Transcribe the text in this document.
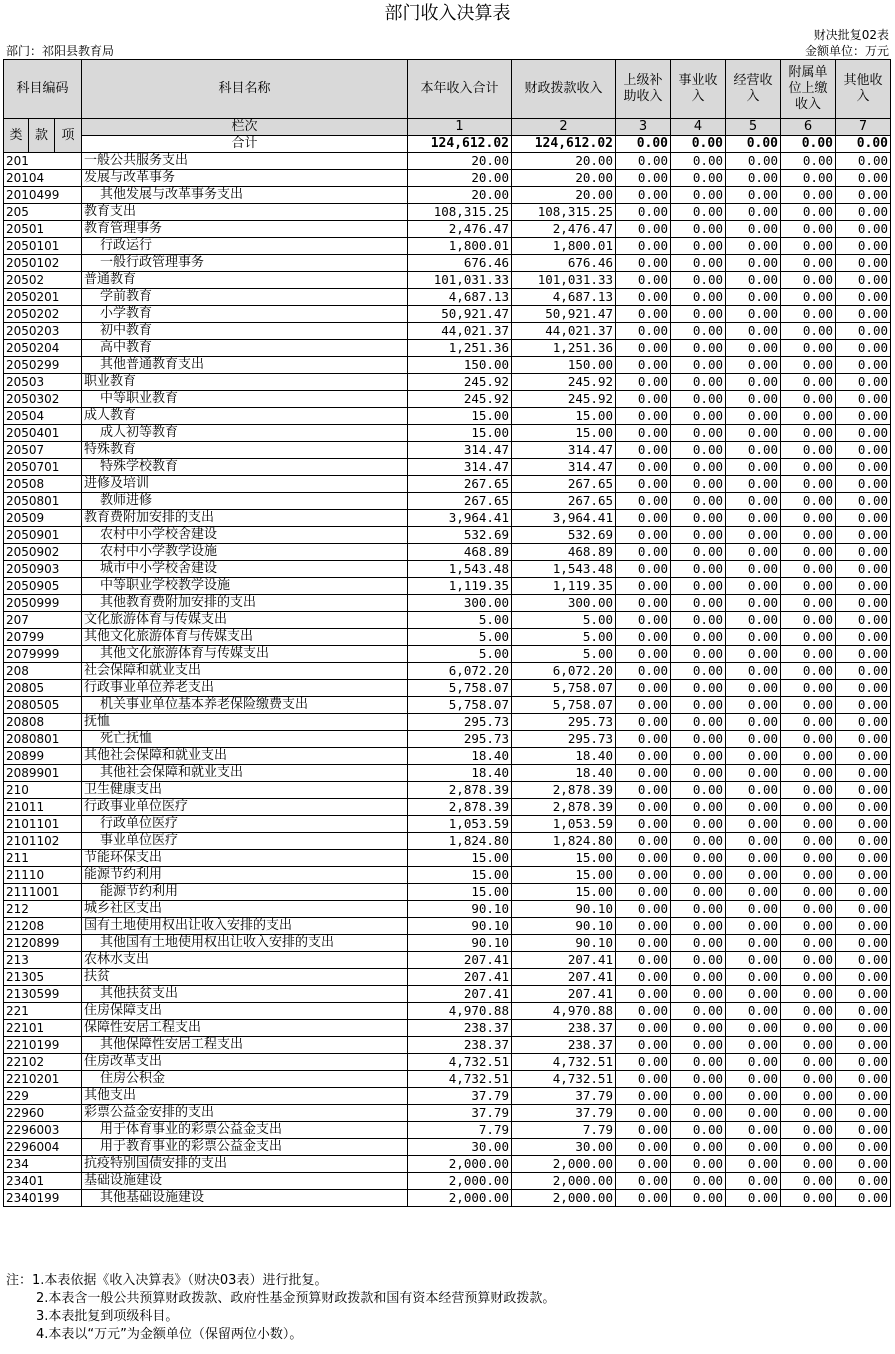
部门收入决算表
财决批复02表
部门：祁阳县教育局	金额单位：万元
科目编码			科目名称	本年收入合计	财政拨款收入	上级补助收入	事业收入	经营收入	附属单位上缴收入	其他收入

类	款	项	栏次	1	2	3	4	5	6	7
			合计	124,612.02	124,612.02	0.00	0.00	0.00	0.00	0.00
201			一般公共服务支出	20.00	20.00	0.00	0.00	0.00	0.00	0.00
20104			发展与改革事务	20.00	20.00	0.00	0.00	0.00	0.00	0.00
2010499			其他发展与改革事务支出	20.00	20.00	0.00	0.00	0.00	0.00	0.00
205			教育支出	108,315.25	108,315.25	0.00	0.00	0.00	0.00	0.00
20501			教育管理事务	2,476.47	2,476.47	0.00	0.00	0.00	0.00	0.00
2050101			行政运行	1,800.01	1,800.01	0.00	0.00	0.00	0.00	0.00
2050102			一般行政管理事务	676.46	676.46	0.00	0.00	0.00	0.00	0.00
20502			普通教育	101,031.33	101,031.33	0.00	0.00	0.00	0.00	0.00
2050201			学前教育	4,687.13	4,687.13	0.00	0.00	0.00	0.00	0.00
2050202			小学教育	50,921.47	50,921.47	0.00	0.00	0.00	0.00	0.00
2050203			初中教育	44,021.37	44,021.37	0.00	0.00	0.00	0.00	0.00
2050204			高中教育	1,251.36	1,251.36	0.00	0.00	0.00	0.00	0.00
2050299			其他普通教育支出	150.00	150.00	0.00	0.00	0.00	0.00	0.00
20503			职业教育	245.92	245.92	0.00	0.00	0.00	0.00	0.00
2050302			中等职业教育	245.92	245.92	0.00	0.00	0.00	0.00	0.00
20504			成人教育	15.00	15.00	0.00	0.00	0.00	0.00	0.00
2050401			成人初等教育	15.00	15.00	0.00	0.00	0.00	0.00	0.00
20507			特殊教育	314.47	314.47	0.00	0.00	0.00	0.00	0.00
2050701			特殊学校教育	314.47	314.47	0.00	0.00	0.00	0.00	0.00
20508			进修及培训	267.65	267.65	0.00	0.00	0.00	0.00	0.00
2050801			教师进修	267.65	267.65	0.00	0.00	0.00	0.00	0.00
20509			教育费附加安排的支出	3,964.41	3,964.41	0.00	0.00	0.00	0.00	0.00
2050901			农村中小学校舍建设	532.69	532.69	0.00	0.00	0.00	0.00	0.00
2050902			农村中小学教学设施	468.89	468.89	0.00	0.00	0.00	0.00	0.00
2050903			城市中小学校舍建设	1,543.48	1,543.48	0.00	0.00	0.00	0.00	0.00
2050905			中等职业学校教学设施	1,119.35	1,119.35	0.00	0.00	0.00	0.00	0.00
2050999			其他教育费附加安排的支出	300.00	300.00	0.00	0.00	0.00	0.00	0.00
207			文化旅游体育与传媒支出	5.00	5.00	0.00	0.00	0.00	0.00	0.00
20799			其他文化旅游体育与传媒支出	5.00	5.00	0.00	0.00	0.00	0.00	0.00
2079999			其他文化旅游体育与传媒支出	5.00	5.00	0.00	0.00	0.00	0.00	0.00
208			社会保障和就业支出	6,072.20	6,072.20	0.00	0.00	0.00	0.00	0.00
20805			行政事业单位养老支出	5,758.07	5,758.07	0.00	0.00	0.00	0.00	0.00
2080505			机关事业单位基本养老保险缴费支出	5,758.07	5,758.07	0.00	0.00	0.00	0.00	0.00
20808			抚恤	295.73	295.73	0.00	0.00	0.00	0.00	0.00
2080801			死亡抚恤	295.73	295.73	0.00	0.00	0.00	0.00	0.00
20899			其他社会保障和就业支出	18.40	18.40	0.00	0.00	0.00	0.00	0.00
2089901			其他社会保障和就业支出	18.40	18.40	0.00	0.00	0.00	0.00	0.00
210			卫生健康支出	2,878.39	2,878.39	0.00	0.00	0.00	0.00	0.00
21011			行政事业单位医疗	2,878.39	2,878.39	0.00	0.00	0.00	0.00	0.00
2101101			行政单位医疗	1,053.59	1,053.59	0.00	0.00	0.00	0.00	0.00
2101102			事业单位医疗	1,824.80	1,824.80	0.00	0.00	0.00	0.00	0.00
211			节能环保支出	15.00	15.00	0.00	0.00	0.00	0.00	0.00
21110			能源节约利用	15.00	15.00	0.00	0.00	0.00	0.00	0.00
2111001			能源节约利用	15.00	15.00	0.00	0.00	0.00	0.00	0.00
212			城乡社区支出	90.10	90.10	0.00	0.00	0.00	0.00	0.00
21208			国有土地使用权出让收入安排的支出	90.10	90.10	0.00	0.00	0.00	0.00	0.00
2120899			其他国有土地使用权出让收入安排的支出	90.10	90.10	0.00	0.00	0.00	0.00	0.00
213			农林水支出	207.41	207.41	0.00	0.00	0.00	0.00	0.00
21305			扶贫	207.41	207.41	0.00	0.00	0.00	0.00	0.00
2130599			其他扶贫支出	207.41	207.41	0.00	0.00	0.00	0.00	0.00
221			住房保障支出	4,970.88	4,970.88	0.00	0.00	0.00	0.00	0.00
22101			保障性安居工程支出	238.37	238.37	0.00	0.00	0.00	0.00	0.00
2210199			其他保障性安居工程支出	238.37	238.37	0.00	0.00	0.00	0.00	0.00
22102			住房改革支出	4,732.51	4,732.51	0.00	0.00	0.00	0.00	0.00
2210201			住房公积金	4,732.51	4,732.51	0.00	0.00	0.00	0.00	0.00
229			其他支出	37.79	37.79	0.00	0.00	0.00	0.00	0.00
22960			彩票公益金安排的支出	37.79	37.79	0.00	0.00	0.00	0.00	0.00
2296003			用于体育事业的彩票公益金支出	7.79	7.79	0.00	0.00	0.00	0.00	0.00
2296004			用于教育事业的彩票公益金支出	30.00	30.00	0.00	0.00	0.00	0.00	0.00
234			抗疫特别国债安排的支出	2,000.00	2,000.00	0.00	0.00	0.00	0.00	0.00
23401			基础设施建设	2,000.00	2,000.00	0.00	0.00	0.00	0.00	0.00
2340199			其他基础设施建设	2,000.00	2,000.00	0.00	0.00	0.00	0.00	0.00
注：1.本表依据《收入决算表》（财决03表）进行批复。
2.本表含一般公共预算财政拨款、政府性基金预算财政拨款和国有资本经营预算财政拨款。
3.本表批复到项级科目。
4.本表以“万元”为金额单位（保留两位小数）。
